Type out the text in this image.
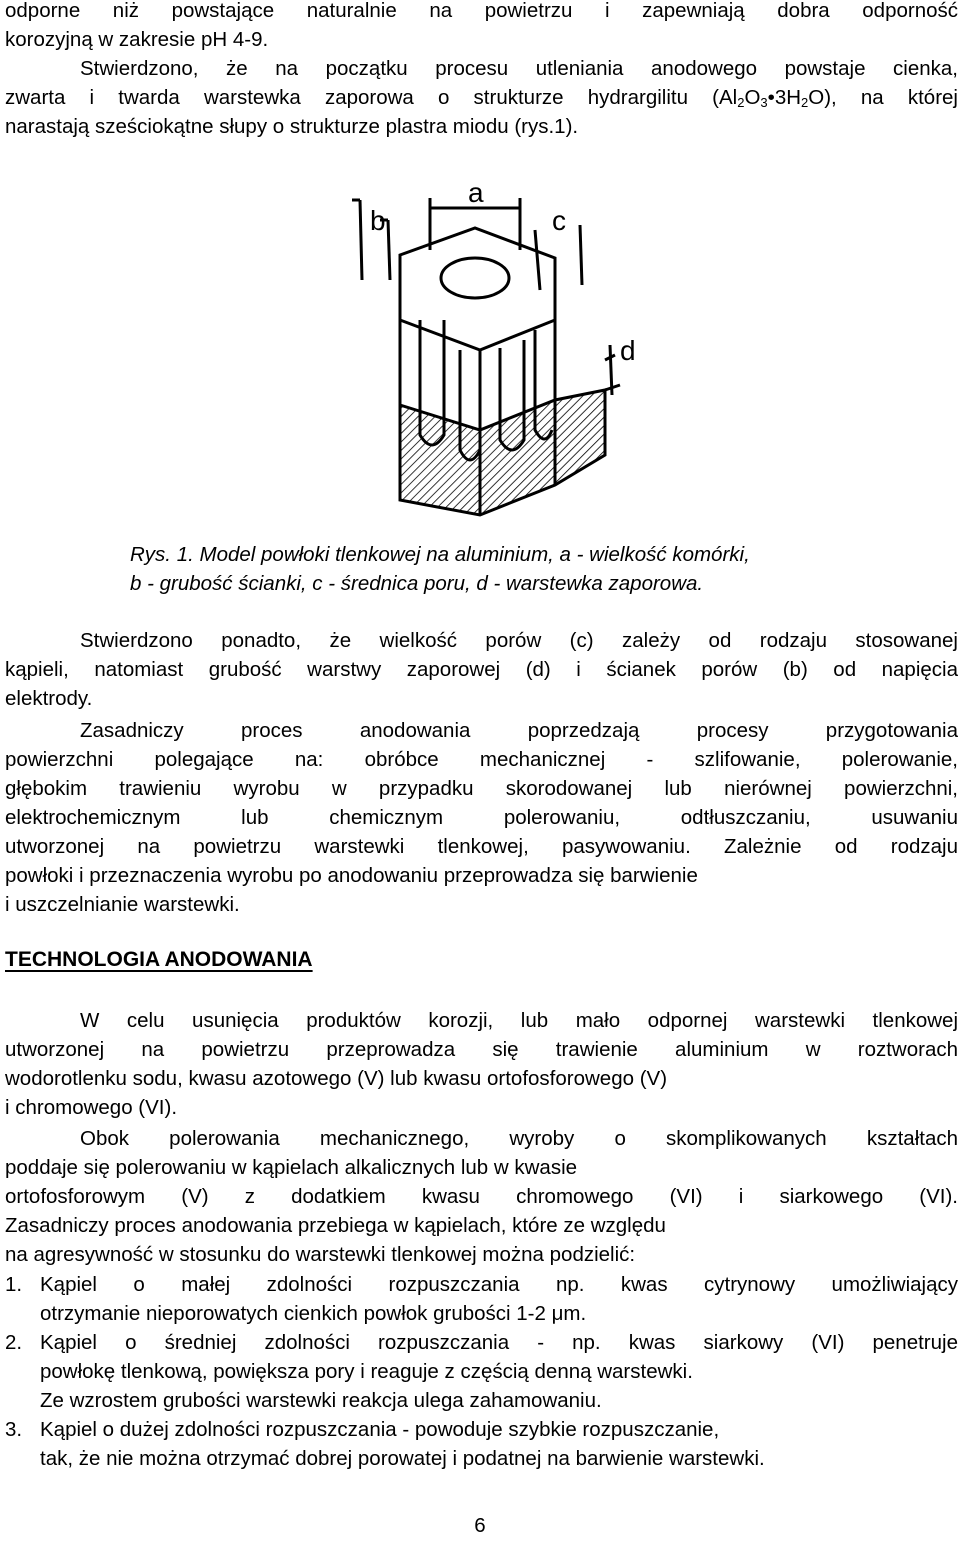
odporne niż powstające naturalnie na powietrzu i zapewniają dobra odporność
korozyjną w zakresie pH 4-9.
Stwierdzono, że na początku procesu utleniania anodowego powstaje cienka,
zwarta i twarda warstewka zaporowa o strukturze hydrargilitu $(Al_2O_3•3H_2O)$, na której
narastają sześciokątne słupy o strukturze plastra miodu (rys.1).
a
b	c
d
Rys. 1. Model powłoki tlenkowej na aluminium, a - wielkość komórki,
b - grubość ścianki, c - średnica poru, d - warstewka zaporowa.
Stwierdzono ponadto, że wielkość porów (c) zależy od rodzaju stosowanej
kąpieli, natomiast grubość warstwy zaporowej (d) i ścianek porów (b) od napięcia
elektrody.
Zasadniczy proces anodowania poprzedzają procesy przygotowania
powierzchni polegające na: obróbce mechanicznej - szlifowanie, polerowanie,
głębokim trawieniu wyrobu w przypadku skorodowanej lub nierównej powierzchni,
elektrochemicznym lub chemicznym polerowaniu, odtłuszczaniu, usuwaniu
utworzonej na powietrzu warstewki tlenkowej, pasywowaniu. Zależnie od rodzaju
powłoki i przeznaczenia wyrobu po anodowaniu przeprowadza się barwienie
i uszczelnianie warstewki.
TECHNOLOGIA ANODOWANIA
W celu usunięcia produktów korozji, lub mało odpornej warstewki tlenkowej
utworzonej na powietrzu przeprowadza się trawienie aluminium w roztworach
wodorotlenku sodu, kwasu azotowego (V) lub kwasu ortofosforowego (V)
i chromowego (VI).
Obok polerowania mechanicznego, wyroby o skomplikowanych kształtach
poddaje się polerowaniu w kąpielach alkalicznych lub w kwasie
ortofosforowym (V) z dodatkiem kwasu chromowego (VI) i siarkowego (VI).
Zasadniczy proces anodowania przebiega w kąpielach, które ze względu
na agresywność w stosunku do warstewki tlenkowej można podzielić:
1. Kąpiel o małej zdolności rozpuszczania np. kwas cytrynowy umożliwiający
otrzymanie nieporowatych cienkich powłok grubości 1-2 μm.
2. Kąpiel o średniej zdolności rozpuszczania - np. kwas siarkowy (VI) penetruje
powłokę tlenkową, powiększa pory i reaguje z częścią denną warstewki.
Ze wzrostem grubości warstewki reakcja ulega zahamowaniu.
3. Kąpiel o dużej zdolności rozpuszczania - powoduje szybkie rozpuszczanie,
tak, że nie można otrzymać dobrej porowatej i podatnej na barwienie warstewki.
6
